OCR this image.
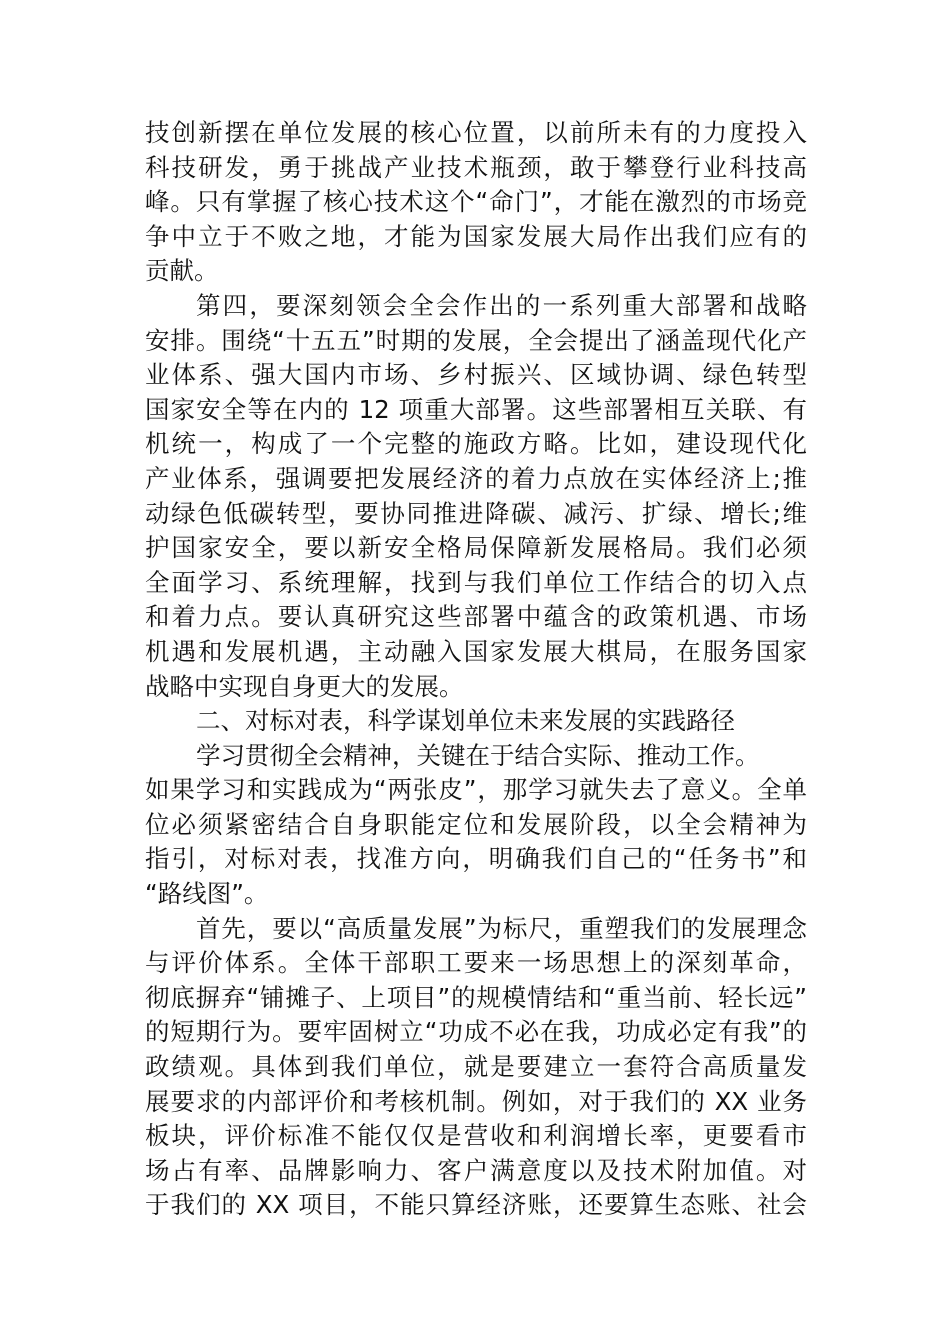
技创新摆在单位发展的核心位置，以前所未有的力度投入
科技研发，勇于挑战产业技术瓶颈，敢于攀登行业科技高
峰。只有掌握了核心技术这个“命门”，才能在激烈的市场竞
争中立于不败之地，才能为国家发展大局作出我们应有的
贡献。
第四，要深刻领会全会作出的一系列重大部署和战略
安排。围绕“十五五”时期的发展，全会提出了涵盖现代化产
业体系、强大国内市场、乡村振兴、区域协调、绿色转型
国家安全等在内的 12 项重大部署。这些部署相互关联、有
机统一，构成了一个完整的施政方略。比如，建设现代化
产业体系，强调要把发展经济的着力点放在实体经济上;推
动绿色低碳转型，要协同推进降碳、减污、扩绿、增长;维
护国家安全，要以新安全格局保障新发展格局。我们必须
全面学习、系统理解，找到与我们单位工作结合的切入点
和着力点。要认真研究这些部署中蕴含的政策机遇、市场
机遇和发展机遇，主动融入国家发展大棋局，在服务国家
战略中实现自身更大的发展。
二、对标对表，科学谋划单位未来发展的实践路径
学习贯彻全会精神，关键在于结合实际、推动工作。
如果学习和实践成为“两张皮”，那学习就失去了意义。全单
位必须紧密结合自身职能定位和发展阶段，以全会精神为
指引，对标对表，找准方向，明确我们自己的“任务书”和
“路线图”。
首先，要以“高质量发展”为标尺，重塑我们的发展理念
与评价体系。全体干部职工要来一场思想上的深刻革命，
彻底摒弃“铺摊子、上项目”的规模情结和“重当前、轻长远”
的短期行为。要牢固树立“功成不必在我，功成必定有我”的
政绩观。具体到我们单位，就是要建立一套符合高质量发
展要求的内部评价和考核机制。例如，对于我们的 XX 业务
板块，评价标准不能仅仅是营收和利润增长率，更要看市
场占有率、品牌影响力、客户满意度以及技术附加值。对
于我们的 XX 项目，不能只算经济账，还要算生态账、社会
